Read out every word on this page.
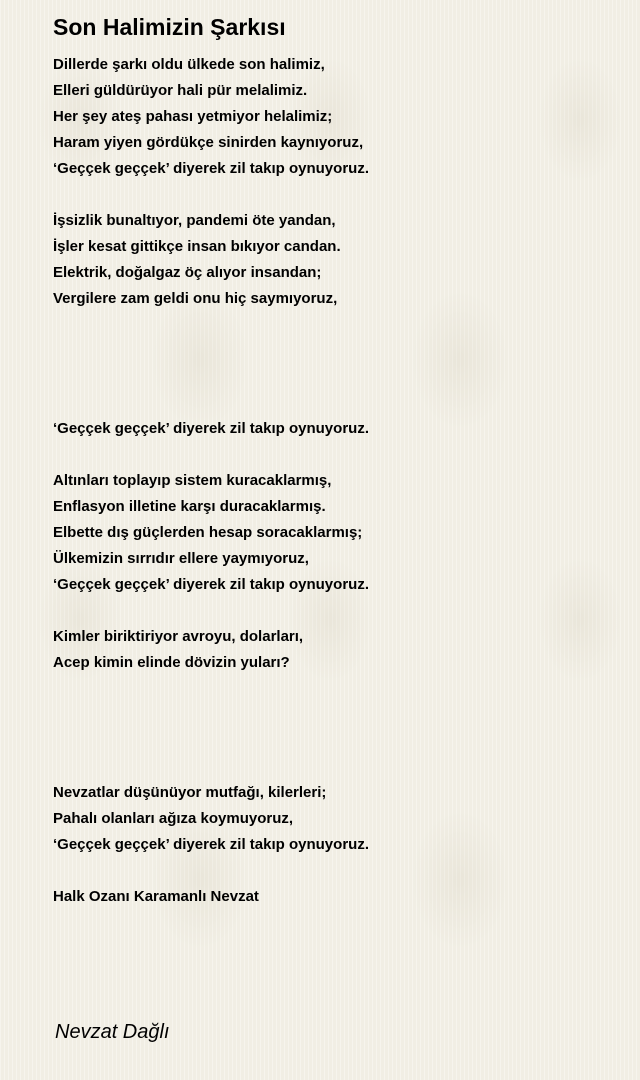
Son Halimizin Şarkısı
Dillerde şarkı oldu ülkede son halimiz,
Elleri güldürüyor hali pür melalimiz.
Her şey ateş pahası yetmiyor helalimiz;
Haram yiyen gördükçe sinirden kaynıyoruz,
‘Geççek geççek’ diyerek zil takıp oynuyoruz.
İşsizlik bunaltıyor, pandemi öte yandan,
İşler kesat gittikçe insan bıkıyor candan.
Elektrik, doğalgaz öç alıyor insandan;
Vergilere zam geldi onu hiç saymıyoruz,
‘Geççek geççek’ diyerek zil takıp oynuyoruz.
Altınları toplayıp sistem kuracaklarmış,
Enflasyon illetine karşı duracaklarmış.
Elbette dış güçlerden hesap soracaklarmış;
Ülkemizin sırrıdır ellere yaymıyoruz,
‘Geççek geççek’ diyerek zil takıp oynuyoruz.
Kimler biriktiriyor avroyu, dolarları,
Acep kimin elinde dövizin yuları?
Nevzatlar düşünüyor mutfağı, kilerleri;
Pahalı olanları ağıza koymuyoruz,
‘Geççek geççek’ diyerek zil takıp oynuyoruz.
Halk Ozanı Karamanlı Nevzat
Nevzat Dağlı
